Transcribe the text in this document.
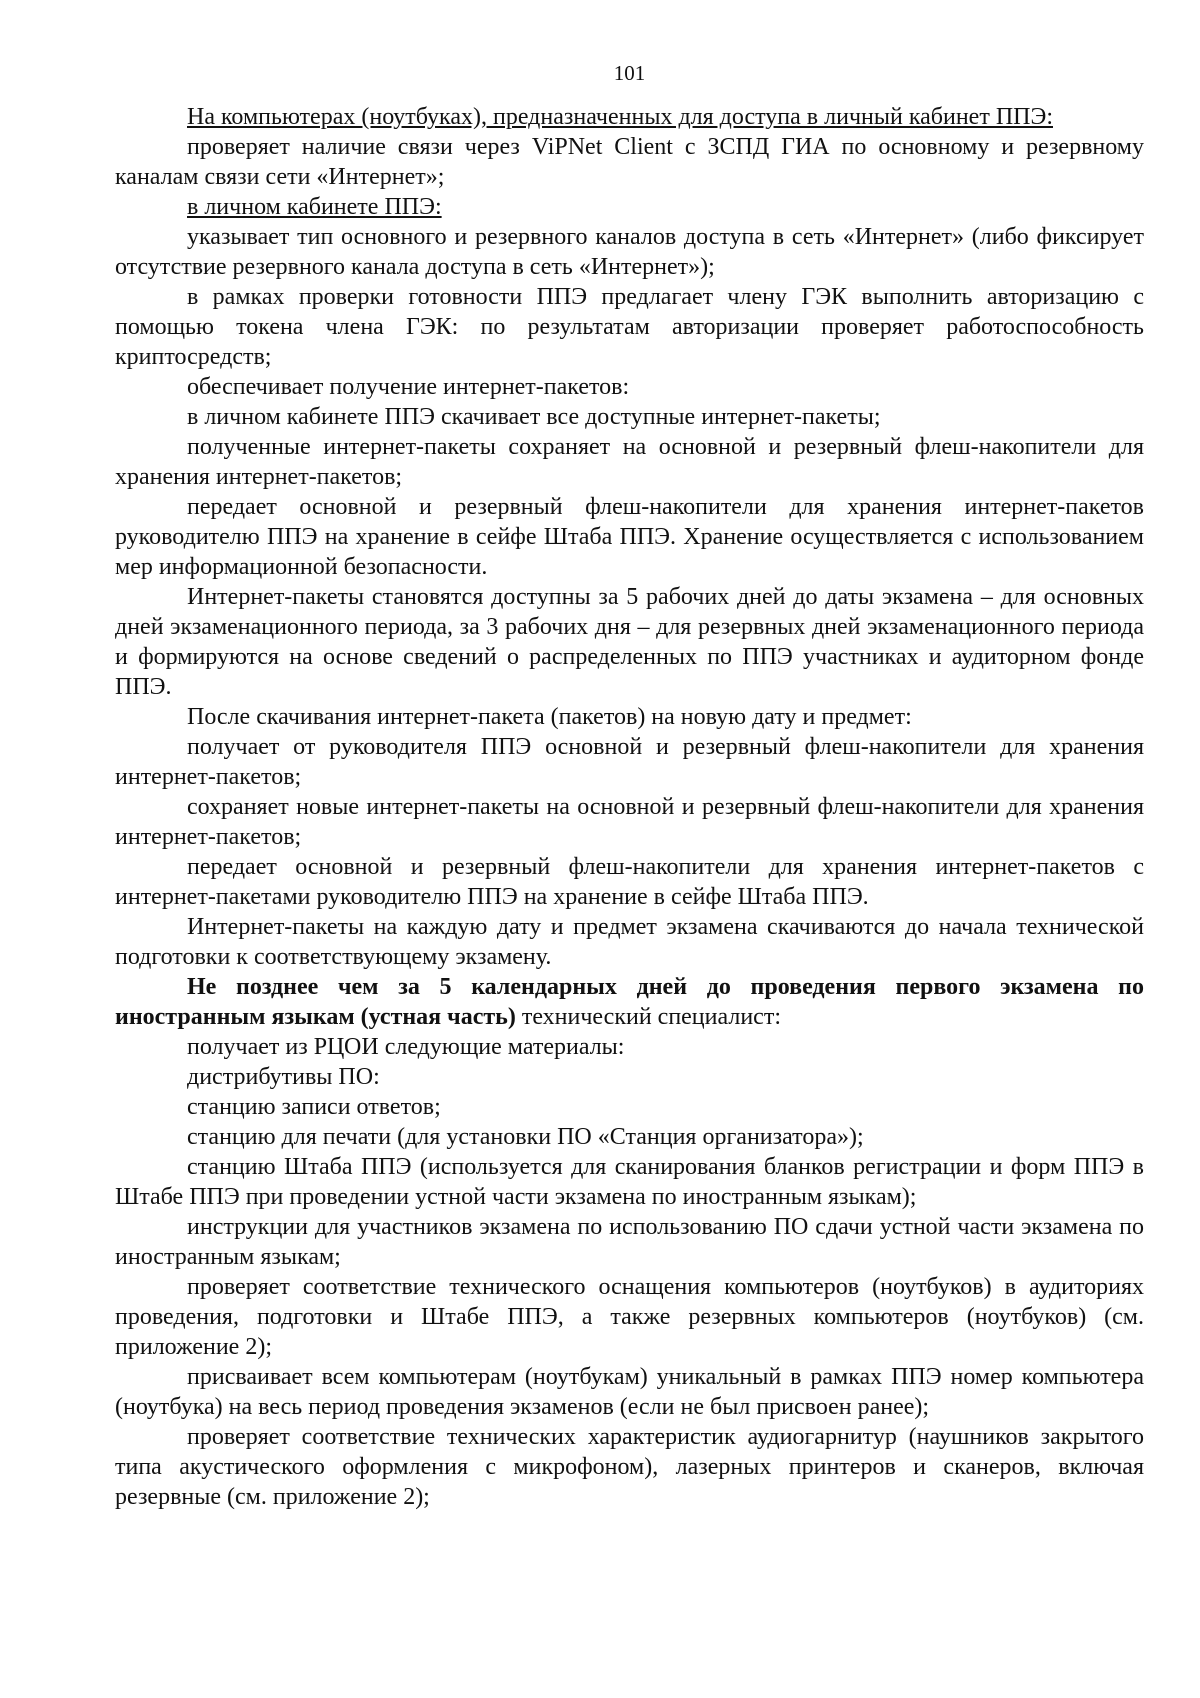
101

На компьютерах (ноутбуках), предназначенных для доступа в личный кабинет ППЭ:

проверяет наличие связи через ViPNet Client с ЗСПД ГИА по основному и резервному каналам связи сети «Интернет»;

в личном кабинете ППЭ:

указывает тип основного и резервного каналов доступа в сеть «Интернет» (либо фиксирует отсутствие резервного канала доступа в сеть «Интернет»);

в рамках проверки готовности ППЭ предлагает члену ГЭК выполнить авторизацию с помощью токена члена ГЭК: по результатам авторизации проверяет работоспособность криптосредств;

обеспечивает получение интернет-пакетов:

в личном кабинете ППЭ скачивает все доступные интернет-пакеты;

полученные интернет-пакеты сохраняет на основной и резервный флеш-накопители для хранения интернет-пакетов;

передает основной и резервный флеш-накопители для хранения интернет-пакетов руководителю ППЭ на хранение в сейфе Штаба ППЭ. Хранение осуществляется с использованием мер информационной безопасности.

Интернет-пакеты становятся доступны за 5 рабочих дней до даты экзамена – для основных дней экзаменационного периода, за 3 рабочих дня – для резервных дней экзаменационного периода и формируются на основе сведений о распределенных по ППЭ участниках и аудиторном фонде ППЭ.

После скачивания интернет-пакета (пакетов) на новую дату и предмет:

получает от руководителя ППЭ основной и резервный флеш-накопители для хранения интернет-пакетов;

сохраняет новые интернет-пакеты на основной и резервный флеш-накопители для хранения интернет-пакетов;

передает основной и резервный флеш-накопители для хранения интернет-пакетов с интернет-пакетами руководителю ППЭ на хранение в сейфе Штаба ППЭ.

Интернет-пакеты на каждую дату и предмет экзамена скачиваются до начала технической подготовки к соответствующему экзамену.

Не позднее чем за 5 календарных дней до проведения первого экзамена по иностранным языкам (устная часть) технический специалист:

получает из РЦОИ следующие материалы:

дистрибутивы ПО:

станцию записи ответов;

станцию для печати (для установки ПО «Станция организатора»);

станцию Штаба ППЭ (используется для сканирования бланков регистрации и форм ППЭ в Штабе ППЭ при проведении устной части экзамена по иностранным языкам);

инструкции для участников экзамена по использованию ПО сдачи устной части экзамена по иностранным языкам;

проверяет соответствие технического оснащения компьютеров (ноутбуков) в аудиториях проведения, подготовки и Штабе ППЭ, а также резервных компьютеров (ноутбуков) (см. приложение 2);

присваивает всем компьютерам (ноутбукам) уникальный в рамках ППЭ номер компьютера (ноутбука) на весь период проведения экзаменов (если не был присвоен ранее);

проверяет соответствие технических характеристик аудиогарнитур (наушников закрытого типа акустического оформления с микрофоном), лазерных принтеров и сканеров, включая резервные (см. приложение 2);
